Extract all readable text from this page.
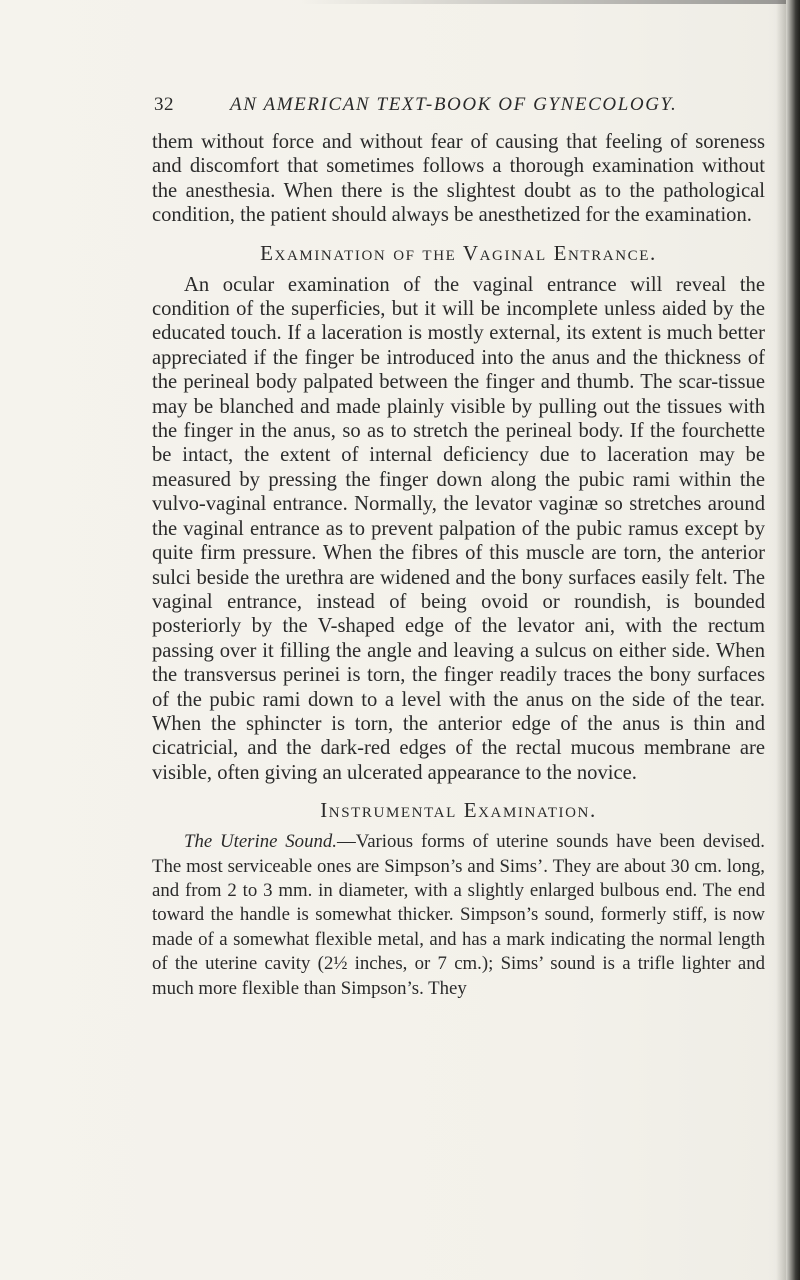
32	AN AMERICAN TEXT-BOOK OF GYNECOLOGY.

them without force and without fear of causing that feeling of soreness and discomfort that sometimes follows a thorough examination without the anesthesia. When there is the slightest doubt as to the pathological condition, the patient should always be anesthetized for the examination.

Examination of the Vaginal Entrance.

An ocular examination of the vaginal entrance will reveal the condition of the superficies, but it will be incomplete unless aided by the educated touch. If a laceration is mostly external, its extent is much better appreciated if the finger be introduced into the anus and the thickness of the perineal body palpated between the finger and thumb. The scar-tissue may be blanched and made plainly visible by pulling out the tissues with the finger in the anus, so as to stretch the perineal body. If the fourchette be intact, the extent of internal deficiency due to laceration may be measured by pressing the finger down along the pubic rami within the vulvo-vaginal entrance. Normally, the levator vaginæ so stretches around the vaginal entrance as to prevent palpation of the pubic ramus except by quite firm pressure. When the fibres of this muscle are torn, the anterior sulci beside the urethra are widened and the bony surfaces easily felt. The vaginal entrance, instead of being ovoid or roundish, is bounded posteriorly by the V-shaped edge of the levator ani, with the rectum passing over it filling the angle and leaving a sulcus on either side. When the transversus perinei is torn, the finger readily traces the bony surfaces of the pubic rami down to a level with the anus on the side of the tear. When the sphincter is torn, the anterior edge of the anus is thin and cicatricial, and the dark-red edges of the rectal mucous membrane are visible, often giving an ulcerated appearance to the novice.

Instrumental Examination.

The Uterine Sound.—Various forms of uterine sounds have been devised. The most serviceable ones are Simpson’s and Sims’. They are about 30 cm. long, and from 2 to 3 mm. in diameter, with a slightly enlarged bulbous end. The end toward the handle is somewhat thicker. Simpson’s sound, formerly stiff, is now made of a somewhat flexible metal, and has a mark indicating the normal length of the uterine cavity (2½ inches, or 7 cm.); Sims’ sound is a trifle lighter and much more flexible than Simpson’s. They
